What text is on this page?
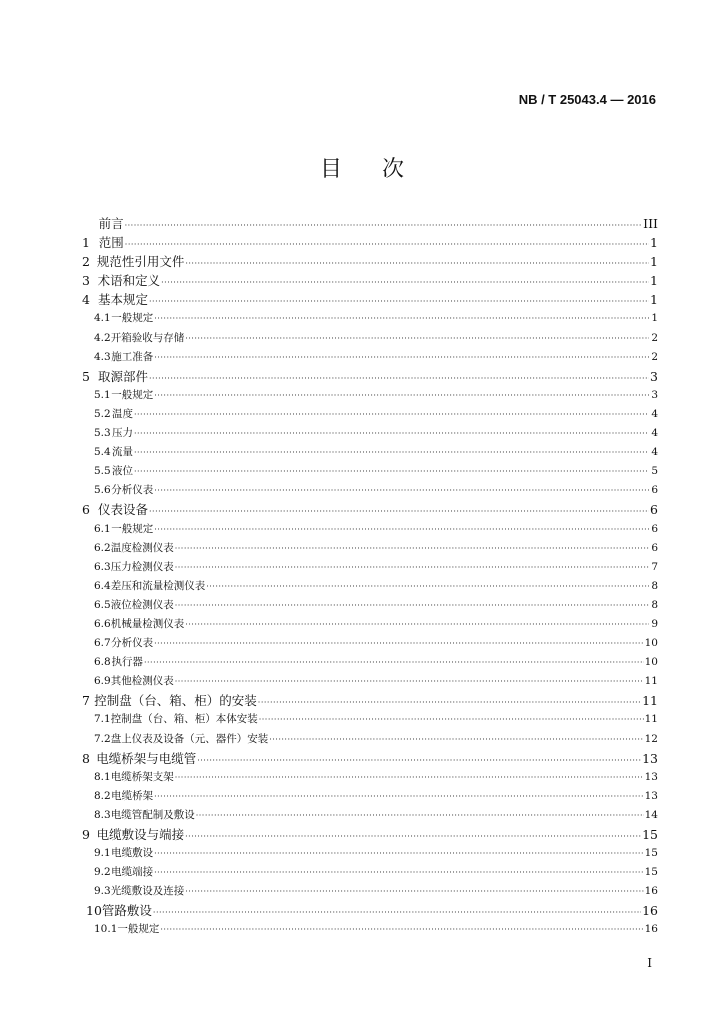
NB / T 25043.4 — 2016
目次
前言 ·····	III
1 范围 ·····	1
2 规范性引用文件 ·····	1
3 术语和定义 ·····	1
4 基本规定 ·····	1
4.1 一般规定 ·····	1
4.2 开箱验收与存储 ·····	2
4.3 施工准备 ·····	2
5 取源部件 ·····	3
5.1 一般规定 ·····	3
5.2 温度 ·····	4
5.3 压力 ·····	4
5.4 流量 ·····	4
5.5 液位 ·····	5
5.6 分析仪表 ·····	6
6 仪表设备 ·····	6
6.1 一般规定 ·····	6
6.2 温度检测仪表 ·····	6
6.3 压力检测仪表 ·····	7
6.4 差压和流量检测仪表 ·····	8
6.5 液位检测仪表 ·····	8
6.6 机械量检测仪表 ·····	9
6.7 分析仪表 ·····	10
6.8 执行器 ·····	10
6.9 其他检测仪表 ·····	11
7 控制盘（台、箱、柜）的安装 ·····	11
7.1 控制盘（台、箱、柜）本体安装 ·····	11
7.2 盘上仪表及设备（元、器件）安装 ·····	12
8 电缆桥架与电缆管 ·····	13
8.1 电缆桥架支架 ·····	13
8.2 电缆桥架 ·····	13
8.3 电缆管配制及敷设 ·····	14
9 电缆敷设与端接 ·····	15
9.1 电缆敷设 ·····	15
9.2 电缆端接 ·····	15
9.3 光缆敷设及连接 ·····	16
10 管路敷设 ·····	16
10.1 一般规定 ·····	16
I
